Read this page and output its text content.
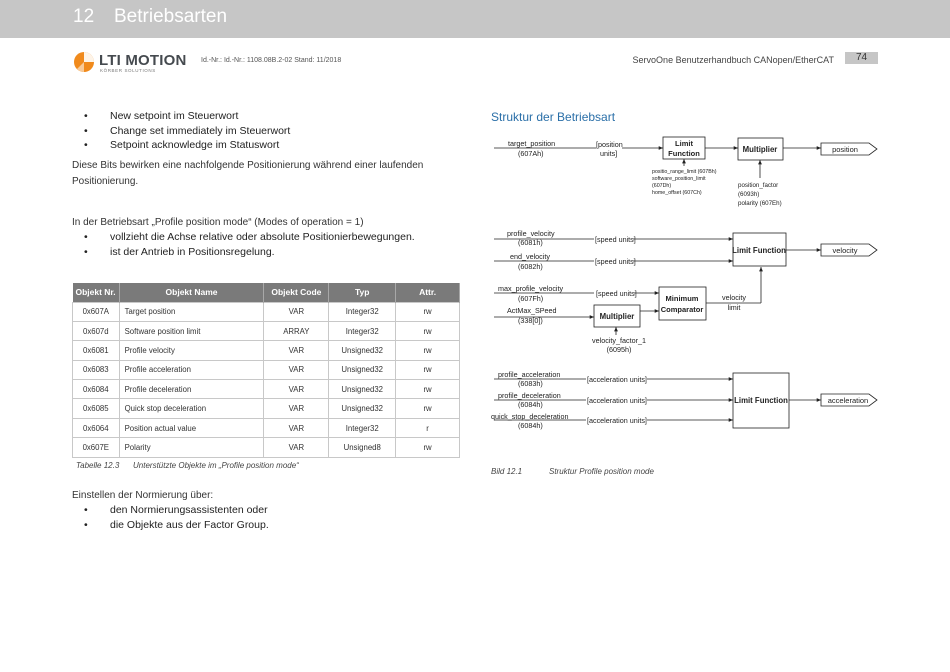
12 Betriebsarten
LTI MOTION
KÖRBER SOLUTIONS
Id.-Nr.: Id.-Nr.: 1108.08B.2-02 Stand: 11/2018	ServoOne Benutzerhandbuch CANopen/EtherCAT	74
• New setpoint im Steuerwort
• Change set immediately im Steuerwort
• Setpoint acknowledge im Statuswort
Diese Bits bewirken eine nachfolgende Positionierung während einer laufenden Positionierung.
In der Betriebsart „Profile position mode“ (Modes of operation = 1)
• vollzieht die Achse relative oder absolute Positionierbewegungen.
• ist der Antrieb in Positionsregelung.
Objekt Nr.	Objekt Name	Objekt Code	Typ	Attr.
0x607A	Target position	VAR	Integer32	rw
0x607d	Software position limit	ARRAY	Integer32	rw
0x6081	Profile velocity	VAR	Unsigned32	rw
0x6083	Profile acceleration	VAR	Unsigned32	rw
0x6084	Profile deceleration	VAR	Unsigned32	rw
0x6085	Quick stop deceleration	VAR	Unsigned32	rw
0x6064	Position actual value	VAR	Integer32	r
0x607E	Polarity	VAR	Unsigned8	rw
Tabelle 12.3 Unterstützte Objekte im „Profile position mode“
Einstellen der Normierung über:
• den Normierungsassistenten oder
• die Objekte aus der Factor Group.
Struktur der Betriebsart
target_position
(607Ah)
[position
units]
Limit
Function	Multiplier	position
positio_range_limit (607Bh)
software_position_limit
(607Dh)
home_offset (607Ch)
position_factor
(6093h)
polarity (607Eh)
profile_velocity
(6081h)	[speed units]
end_velocity
(6082h)
[speed units]
Limit Function	velocity
max_profile_velocity
(607Fh)
[speed units]
ActMax_SPeed
(338[0])	Multiplier
Minimum
Comparator
velocity
limit
velocity_factor_1
(6095h)
profile_acceleration
(6083h)	[acceleration units]
profile_deceleration
(6084h)	[acceleration units]
quick_stop_deceleration
(6084h)
[acceleration units]
Limit Function	acceleration
Bild 12.1	Struktur Profile position mode
